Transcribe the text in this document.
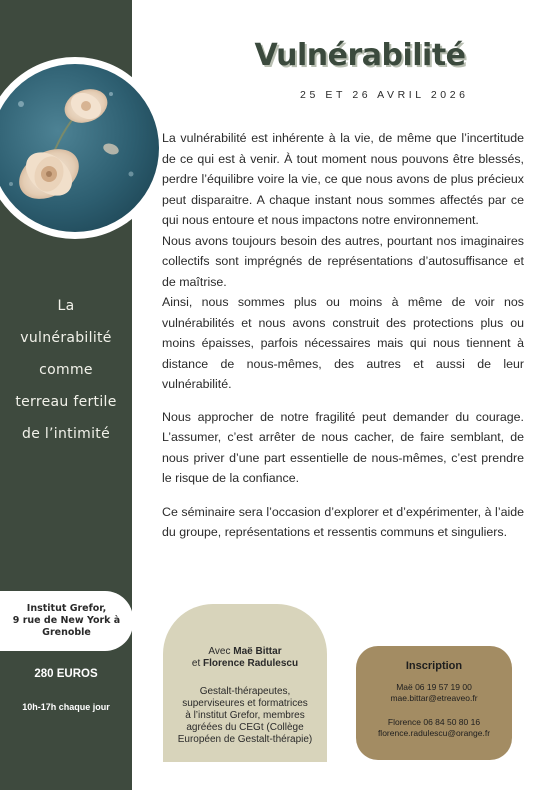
La
vulnérabilité
comme
terreau fertile
de l’intimité
Institut Grefor,
9 rue de New York à
Grenoble
280 EUROS
10h-17h chaque jour
Vulnérabilité
25 ET 26 AVRIL 2026

La vulnérabilité est inhérente à la vie, de même que l’incertitude de ce qui est à venir. À tout moment nous pouvons être blessés, perdre l’équilibre voire la vie, ce que nous avons de plus précieux peut disparaitre. A chaque instant nous sommes affectés par ce qui nous entoure et nous impactons notre environnement.

Nous avons toujours besoin des autres, pourtant nos imaginaires collectifs sont imprégnés de représentations d’autosuffisance et de maîtrise.

Ainsi, nous sommes plus ou moins à même de voir nos vulnérabilités et nous avons construit des protections plus ou moins épaisses, parfois nécessaires mais qui nous tiennent à distance de nous-mêmes, des autres et aussi de leur vulnérabilité.

Nous approcher de notre fragilité peut demander du courage. L’assumer, c’est arrêter de nous cacher, de faire semblant, de nous priver d’une part essentielle de nous-mêmes, c’est prendre le risque de la confiance.

Ce séminaire sera l’occasion d’explorer et d’expérimenter, à l’aide du groupe, représentations et ressentis communs et singuliers.

Avec Maë Bittar
et Florence Radulescu
Gestalt-thérapeutes,
superviseures et formatrices
à l’institut Grefor, membres
agréées du CEGt (Collège
Européen de Gestalt-thérapie)
Inscription
Maë 06 19 57 19 00
mae.bittar@etreaveo.fr
Florence 06 84 50 80 16
florence.radulescu@orange.fr
